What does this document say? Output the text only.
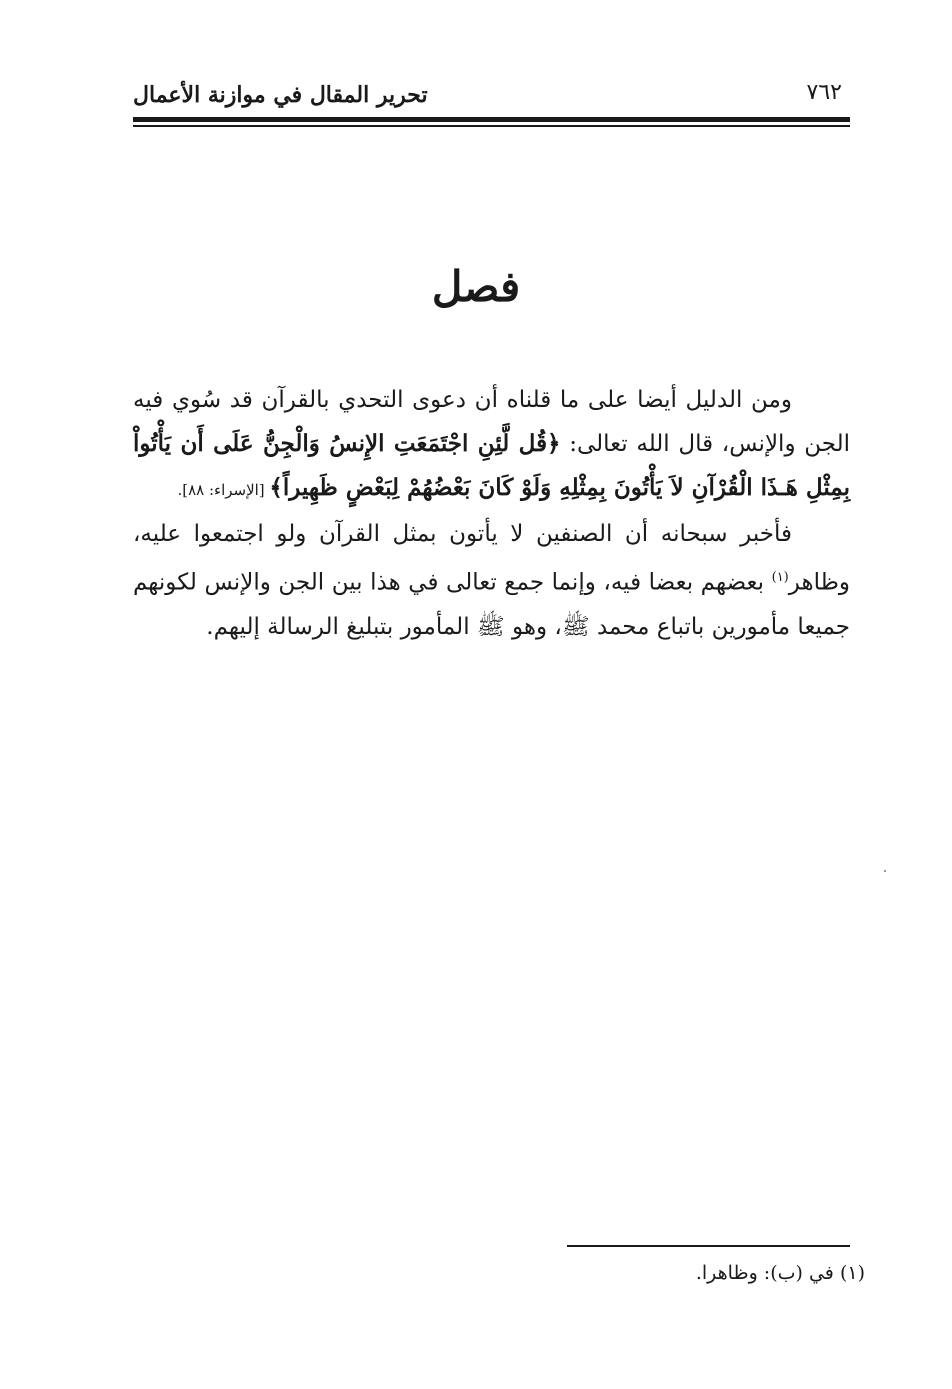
٧٦٢
تحرير المقال في موازنة الأعمال
فصل

ومن الدليل أيضا على ما قلناه أن دعوى التحدي بالقرآن قد سُوي فيه الجن والإنس، قال الله تعالى: ﴿قُل لَّئِنِ اجْتَمَعَتِ الإِنسُ وَالْجِنُّ عَلَى أَن يَأْتُواْ بِمِثْلِ هَـذَا الْقُرْآنِ لاَ يَأْتُونَ بِمِثْلِهِ وَلَوْ كَانَ بَعْضُهُمْ لِبَعْضٍ ظَهِيراً﴾ [الإسراء: ٨٨].

فأخبر سبحانه أن الصنفين لا يأتون بمثل القرآن ولو اجتمعوا عليه، وظاهر$^{(١)}$ بعضهم بعضا فيه، وإنما جمع تعالى في هذا بين الجن والإنس لكونهم جميعا مأمورين باتباع محمد ﷺ، وهو ﷺ المأمور بتبليغ الرسالة إليهم.

(١) في (ب): وظاهرا.
